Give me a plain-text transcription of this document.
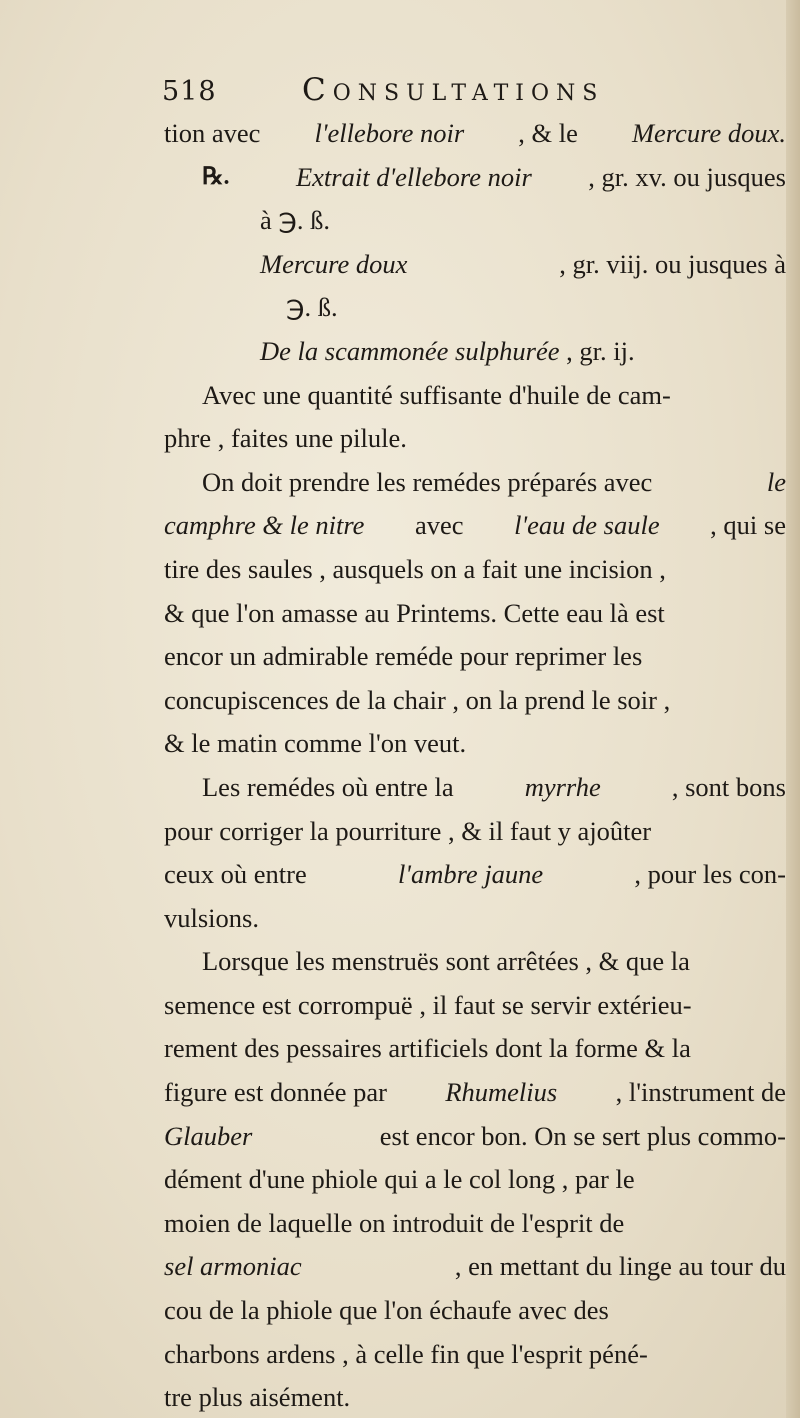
518	Consultations
tion avec l'ellebore noir , & le Mercure doux.
℞.	Extrait d'ellebore noir , gr. xv. ou jusques
à ℈. ß.
Mercure doux	, gr. viij. ou jusques à
℈. ß.
De la scammonée sulphurée , gr. ij.
Avec une quantité suffisante d'huile de cam-
phre , faites une pilule.
On doit prendre les remédes préparés avec	le
camphre & le nitre avec l'eau de saule , qui se
tire des saules , ausquels on a fait une incision ,
& que l'on amasse au Printems. Cette eau là est
encor un admirable reméde pour reprimer les
concupiscences de la chair , on la prend le soir ,
& le matin comme l'on veut.
Les remédes où entre la	myrrhe	, sont bons
pour corriger la pourriture , & il faut y ajoûter
ceux où entre	l'ambre jaune	, pour les con-
vulsions.
Lorsque les menstruës sont arrêtées , & que la
semence est corrompuë , il faut se servir extérieu-
rement des pessaires artificiels dont la forme & la
figure est donnée par Rhumelius , l'instrument de
Glauber	est encor bon. On se sert plus commo-
dément d'une phiole qui a le col long , par le
moien de laquelle on introduit de l'esprit de
sel armoniac	, en mettant du linge au tour du
cou de la phiole que l'on échaufe avec des
charbons ardens , à celle fin que l'esprit péné-
tre plus aisément.
